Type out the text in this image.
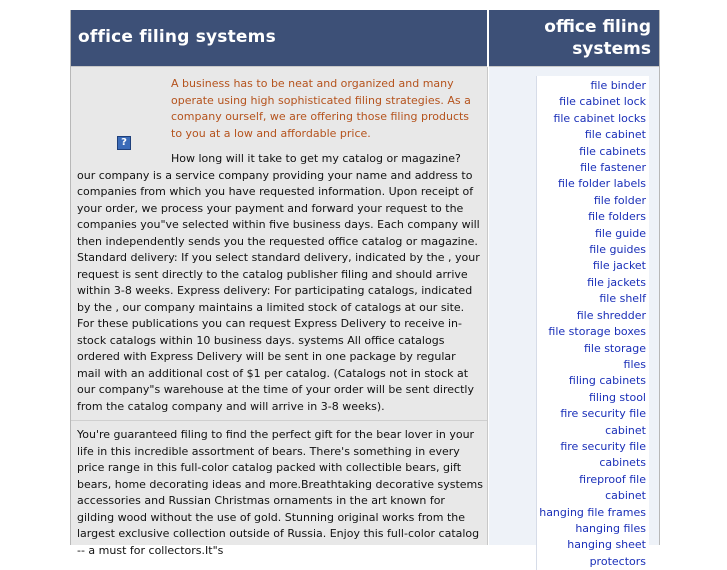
office filing systems	office filing systems
?

A business has to be neat and organized and many operate using high sophisticated filing strategies. As a company ourself, we are offering those filing products to you at a low and affordable price.

How long will it take to get my catalog or magazine? our company is a service company providing your name and address to companies from which you have requested information. Upon receipt of your order, we process your payment and forward your request to the companies you"ve selected within five business days. Each company will then independently sends you the requested office catalog or magazine. Standard delivery: If you select standard delivery, indicated by the , your request is sent directly to the catalog publisher filing and should arrive within 3-8 weeks. Express delivery: For participating catalogs, indicated by the , our company maintains a limited stock of catalogs at our site. For these publications you can request Express Delivery to receive in-stock catalogs within 10 business days. systems All office catalogs ordered with Express Delivery will be sent in one package by regular mail with an additional cost of $1 per catalog. (Catalogs not in stock at our company"s warehouse at the time of your order will be sent directly from the catalog company and will arrive in 3-8 weeks).

You're guaranteed filing to find the perfect gift for the bear lover in your life in this incredible assortment of bears. There's something in every price range in this full-color catalog packed with collectible bears, gift bears, home decorating ideas and more.Breathtaking decorative systems accessories and Russian Christmas ornaments in the art known for gilding wood without the use of gold. Stunning original works from the largest exclusive collection outside of Russia. Enjoy this full-color catalog -- a must for collectors.It"s

file binder
file cabinet lock
file cabinet locks
file cabinet
file cabinets
file fastener
file folder labels
file folder
file folders
file guide
file guides
file jacket
file jackets
file shelf
file shredder
file storage boxes
file storage
files
filing cabinets
filing stool
fire security file cabinet
fire security file cabinets
fireproof file cabinet
hanging file frames
hanging files
hanging sheet
protectors
